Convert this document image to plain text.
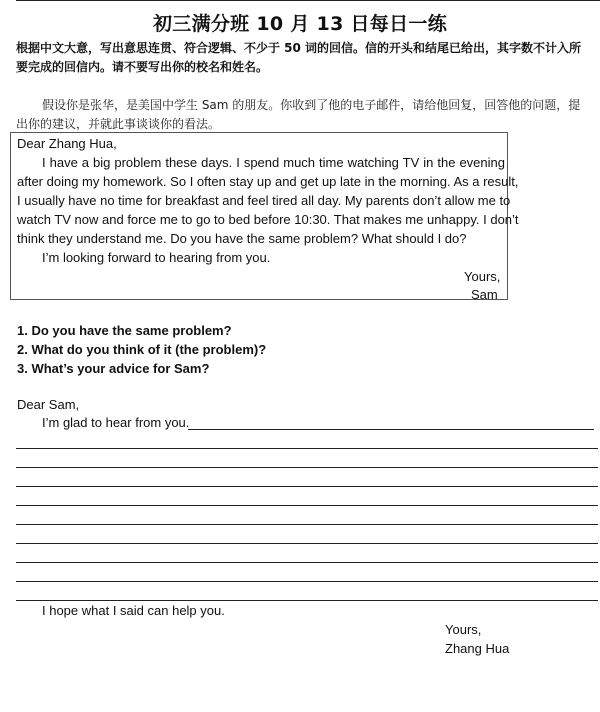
初三满分班 10 月 13 日每日一练
根据中文大意，写出意思连贯、符合逻辑、不少于 50 词的回信。信的开头和结尾已给出，其字数不计入所
要完成的回信内。请不要写出你的校名和姓名。
假设你是张华，是美国中学生 Sam 的朋友。你收到了他的电子邮件，请给他回复，回答他的问题，提
出你的建议，并就此事谈谈你的看法。
Dear Zhang Hua,
I have a big problem these days. I spend much time watching TV in the evening
after doing my homework. So I often stay up and get up late in the morning. As a result,
I usually have no time for breakfast and feel tired all day. My parents don’t allow me to
watch TV now and force me to go to bed before 10:30. That makes me unhappy. I don’t
think they understand me. Do you have the same problem? What should I do?
I’m looking forward to hearing from you.
Yours,
Sam
1. Do you have the same problem?
2. What do you think of it (the problem)?
3. What’s your advice for Sam?
Dear Sam,
I’m glad to hear from you.
I hope what I said can help you.
Yours,
Zhang Hua
